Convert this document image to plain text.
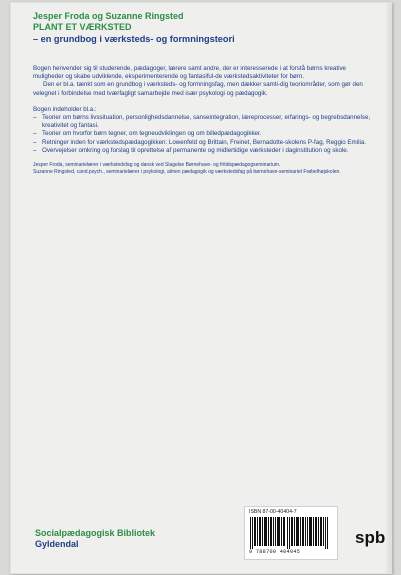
Jesper Froda og Suzanne Ringsted
PLANT ET VÆRKSTED
– en grundbog i værksteds- og formningsteori

Bogen henvender sig til studerende, pædagoger, lærere samt andre, der er interesserede i at forstå børns kreative muligheder og skabe udviklende, eksperimenterende og fantasiful-de værkstedsaktiviteter for børn.

Den er bl.a. tænkt som en grundbog i værksteds- og formningsfag, men dækker samti-dig teoriområder, som gør den velegnet i forbindelse med tværfagligt samarbejde med især psykologi og pædagogik.

Bogen indeholder bl.a.:

– Teorier om børns livssituation, personlighedsdannelse, sanseintegration, læreprocesser, erfarings- og begrebsdannelse, kreativitet og fantasi.
– Teorier om hvorfor børn tegner, om tegneudviklingen og om billedpædagogikker.
– Retninger inden for værkstedspædagogikken: Lowenfeld og Brittain, Freinet, Bernadotte-skolens P-fag, Reggio Emilia.
– Overvejelser omkring og forslag til oprettelse af permanente og midlertidige værksteder i daginstitution og skole.

Jesper Froda, seminarielærer i værkstedsfag og dansk ved Slagelse Børnehave- og fritidspædagogseminarium.

Suzanne Ringsted, cand.psych., seminarielærer i psykologi, almen pædagogik og værkstedsfag på børnehave-seminariet Frøbelhøjskolen.

Socialpædagogisk Bibliotek
Gyldendal
ISBN 87-00-40404-7
9 788700 404045
spb
